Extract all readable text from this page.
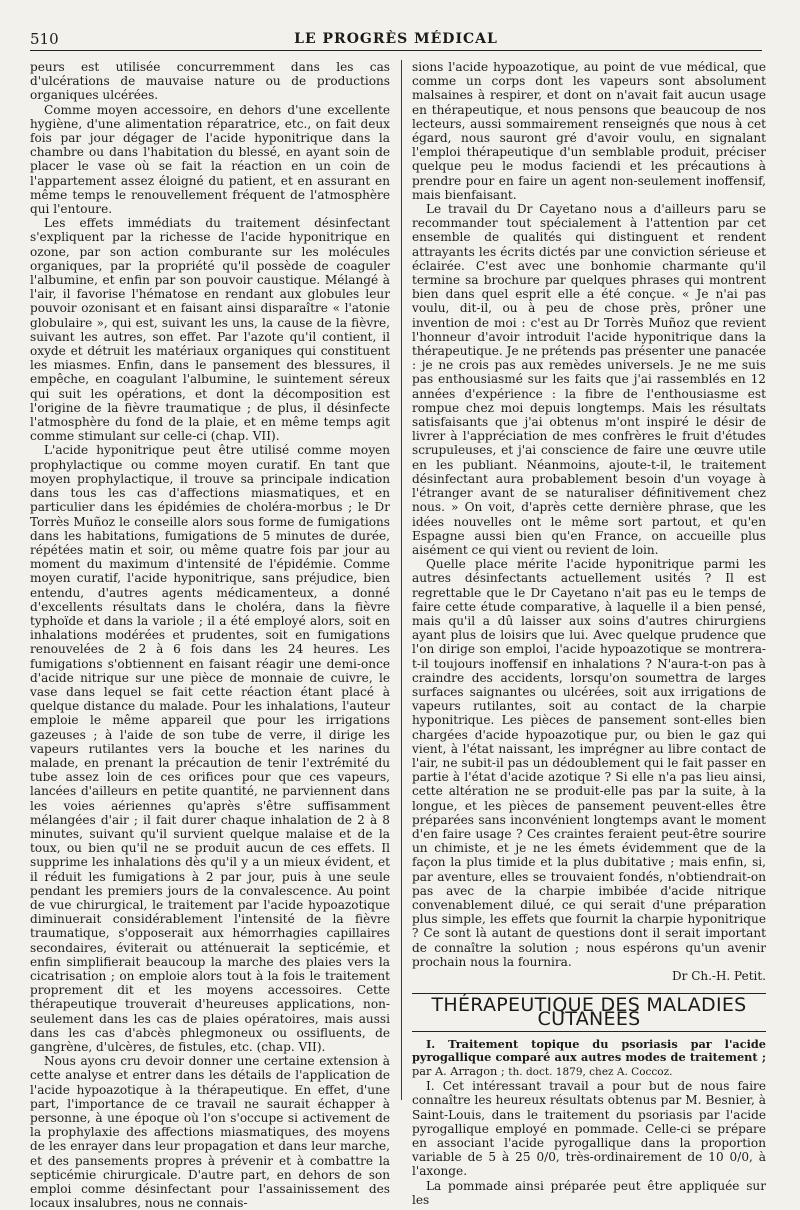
510	LE PROGRÈS MÉDICAL

peurs est utilisée concurremment dans les cas d'ulcérations de mauvaise nature ou de productions organiques ulcérées.

Comme moyen accessoire, en dehors d'une excellente hygiène, d'une alimentation réparatrice, etc., on fait deux fois par jour dégager de l'acide hyponitrique dans la chambre ou dans l'habitation du blessé, en ayant soin de placer le vase où se fait la réaction en un coin de l'appartement assez éloigné du patient, et en assurant en même temps le renouvellement fréquent de l'atmosphère qui l'entoure.

Les effets immédiats du traitement désinfectant s'expliquent par la richesse de l'acide hyponitrique en ozone, par son action comburante sur les molécules organiques, par la propriété qu'il possède de coaguler l'albumine, et enfin par son pouvoir caustique. Mélangé à l'air, il favorise l'hématose en rendant aux globules leur pouvoir ozonisant et en faisant ainsi disparaître « l'atonie globulaire », qui est, suivant les uns, la cause de la fièvre, suivant les autres, son effet. Par l'azote qu'il contient, il oxyde et détruit les matériaux organiques qui constituent les miasmes. Enfin, dans le pansement des blessures, il empêche, en coagulant l'albumine, le suintement séreux qui suit les opérations, et dont la décomposition est l'origine de la fièvre traumatique ; de plus, il désinfecte l'atmosphère du fond de la plaie, et en même temps agit comme stimulant sur celle-ci (chap. VII).

L'acide hyponitrique peut être utilisé comme moyen prophylactique ou comme moyen curatif. En tant que moyen prophylactique, il trouve sa principale indication dans tous les cas d'affections miasmatiques, et en particulier dans les épidémies de choléra-morbus ; le Dr Torrès Muñoz le conseille alors sous forme de fumigations dans les habitations, fumigations de 5 minutes de durée, répétées matin et soir, ou même quatre fois par jour au moment du maximum d'intensité de l'épidémie. Comme moyen curatif, l'acide hyponitrique, sans préjudice, bien entendu, d'autres agents médicamenteux, a donné d'excellents résultats dans le choléra, dans la fièvre typhoïde et dans la variole ; il a été employé alors, soit en inhalations modérées et prudentes, soit en fumigations renouvelées de 2 à 6 fois dans les 24 heures. Les fumigations s'obtiennent en faisant réagir une demi-once d'acide nitrique sur une pièce de monnaie de cuivre, le vase dans lequel se fait cette réaction étant placé à quelque distance du malade. Pour les inhalations, l'auteur emploie le même appareil que pour les irrigations gazeuses ; à l'aide de son tube de verre, il dirige les vapeurs rutilantes vers la bouche et les narines du malade, en prenant la précaution de tenir l'extrémité du tube assez loin de ces orifices pour que ces vapeurs, lancées d'ailleurs en petite quantité, ne parviennent dans les voies aériennes qu'après s'être suffisamment mélangées d'air ; il fait durer chaque inhalation de 2 à 8 minutes, suivant qu'il survient quelque malaise et de la toux, ou bien qu'il ne se produit aucun de ces effets. Il supprime les inhalations dès qu'il y a un mieux évident, et il réduit les fumigations à 2 par jour, puis à une seule pendant les premiers jours de la convalescence. Au point de vue chirurgical, le traitement par l'acide hypoazotique diminuerait considérablement l'intensité de la fièvre traumatique, s'opposerait aux hémorrhagies capillaires secondaires, éviterait ou atténuerait la septicémie, et enfin simplifierait beaucoup la marche des plaies vers la cicatrisation ; on emploie alors tout à la fois le traitement proprement dit et les moyens accessoires. Cette thérapeutique trouverait d'heureuses applications, non-seulement dans les cas de plaies opératoires, mais aussi dans les cas d'abcès phlegmoneux ou ossifluents, de gangrène, d'ulcères, de fistules, etc. (chap. VII).

Nous ayons cru devoir donner une certaine extension à cette analyse et entrer dans les détails de l'application de l'acide hypoazotique à la thérapeutique. En effet, d'une part, l'importance de ce travail ne saurait échapper à personne, à une époque où l'on s'occupe si activement de la prophylaxie des affections miasmatiques, des moyens de les enrayer dans leur propagation et dans leur marche, et des pansements propres à prévenir et à combattre la septicémie chirurgicale. D'autre part, en dehors de son emploi comme désinfectant pour l'assainissement des locaux insalubres, nous ne connais-

sions l'acide hypoazotique, au point de vue médical, que comme un corps dont les vapeurs sont absolument malsaines à respirer, et dont on n'avait fait aucun usage en thérapeutique, et nous pensons que beaucoup de nos lecteurs, aussi sommairement renseignés que nous à cet égard, nous sauront gré d'avoir voulu, en signalant l'emploi thérapeutique d'un semblable produit, préciser quelque peu le modus faciendi et les précautions à prendre pour en faire un agent non-seulement inoffensif, mais bienfaisant.

Le travail du Dr Cayetano nous a d'ailleurs paru se recommander tout spécialement à l'attention par cet ensemble de qualités qui distinguent et rendent attrayants les écrits dictés par une conviction sérieuse et éclairée. C'est avec une bonhomie charmante qu'il termine sa brochure par quelques phrases qui montrent bien dans quel esprit elle a été conçue. « Je n'ai pas voulu, dit-il, ou à peu de chose près, prôner une invention de moi : c'est au Dr Torrès Muñoz que revient l'honneur d'avoir introduit l'acide hyponitrique dans la thérapeutique. Je ne prétends pas présenter une panacée : je ne crois pas aux remèdes universels. Je ne me suis pas enthousiasmé sur les faits que j'ai rassemblés en 12 années d'expérience : la fibre de l'enthousiasme est rompue chez moi depuis longtemps. Mais les résultats satisfaisants que j'ai obtenus m'ont inspiré le désir de livrer à l'appréciation de mes confrères le fruit d'études scrupuleuses, et j'ai conscience de faire une œuvre utile en les publiant. Néanmoins, ajoute-t-il, le traitement désinfectant aura probablement besoin d'un voyage à l'étranger avant de se naturaliser définitivement chez nous. » On voit, d'après cette dernière phrase, que les idées nouvelles ont le même sort partout, et qu'en Espagne aussi bien qu'en France, on accueille plus aisément ce qui vient ou revient de loin.

Quelle place mérite l'acide hyponitrique parmi les autres désinfectants actuellement usités ? Il est regrettable que le Dr Cayetano n'ait pas eu le temps de faire cette étude comparative, à laquelle il a bien pensé, mais qu'il a dû laisser aux soins d'autres chirurgiens ayant plus de loisirs que lui. Avec quelque prudence que l'on dirige son emploi, l'acide hypoazotique se montrera-t-il toujours inoffensif en inhalations ? N'aura-t-on pas à craindre des accidents, lorsqu'on soumettra de larges surfaces saignantes ou ulcérées, soit aux irrigations de vapeurs rutilantes, soit au contact de la charpie hyponitrique. Les pièces de pansement sont-elles bien chargées d'acide hypoazotique pur, ou bien le gaz qui vient, à l'état naissant, les imprégner au libre contact de l'air, ne subit-il pas un dédoublement qui le fait passer en partie à l'état d'acide azotique ? Si elle n'a pas lieu ainsi, cette altération ne se produit-elle pas par la suite, à la longue, et les pièces de pansement peuvent-elles être préparées sans inconvénient longtemps avant le moment d'en faire usage ? Ces craintes feraient peut-être sourire un chimiste, et je ne les émets évidemment que de la façon la plus timide et la plus dubitative ; mais enfin, si, par aventure, elles se trouvaient fondés, n'obtiendrait-on pas avec de la charpie imbibée d'acide nitrique convenablement dilué, ce qui serait d'une préparation plus simple, les effets que fournit la charpie hyponitrique ? Ce sont là autant de questions dont il serait important de connaître la solution ; nous espérons qu'un avenir prochain nous la fournira.

Dr Ch.-H. Petit.

THÉRAPEUTIQUE DES MALADIES CUTANÉES

I. Traitement topique du psoriasis par l'acide pyrogallique comparé aux autres modes de traitement ; par A. Arragon ; th. doct. 1879, chez A. Coccoz.

I. Cet intéressant travail a pour but de nous faire connaître les heureux résultats obtenus par M. Besnier, à Saint-Louis, dans le traitement du psoriasis par l'acide pyrogallique employé en pommade. Celle-ci se prépare en associant l'acide pyrogallique dans la proportion variable de 5 à 25 0/0, très-ordinairement de 10 0/0, à l'axonge.

La pommade ainsi préparée peut être appliquée sur les
